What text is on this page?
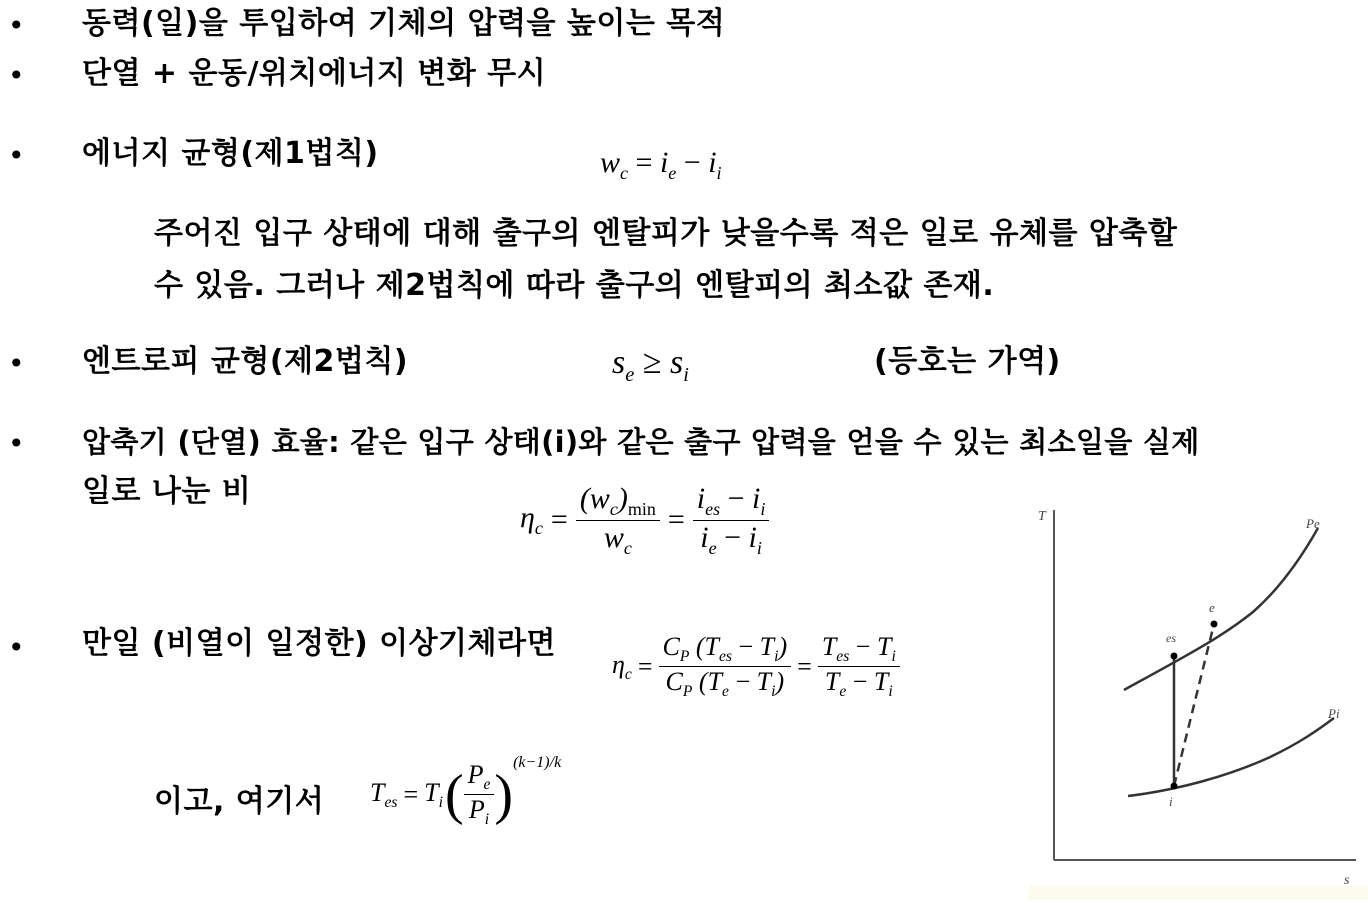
• 동력(일)을 투입하여 기체의 압력을 높이는 목적
• 단열 + 운동/위치에너지 변화 무시
• 에너지 균형(제1법칙)	$w_c = i_e - i_i$
주어진 입구 상태에 대해 출구의 엔탈피가 낮을수록 적은 일로 유체를 압축할
수 있음. 그러나 제2법칙에 따라 출구의 엔탈피의 최소값 존재.
• 엔트로피 균형(제2법칙)	$s_e \ge s_i$	(등호는 가역)
• 압축기 (단열) 효율: 같은 입구 상태(i)와 같은 출구 압력을 얻을 수 있는 최소일을 실제
일로 나눈 비
$\eta_c = \frac{(w_c)_{min}}{w_c} = \frac{i_{es} - i_i}{i_e - i_i}$
• 만일 (비열이 일정한) 이상기체라면
$\eta_c = \frac{C_P (T_{es} - T_i)}{C_P (T_e - T_i)} = \frac{T_{es} - T_i}{T_e - T_i}$
이고, 여기서 $T_{es} = T_i$ ( $\frac{P_e}{P_i}$ )
(k−1)/k
T
s
Pe
Pi
i
es
e
